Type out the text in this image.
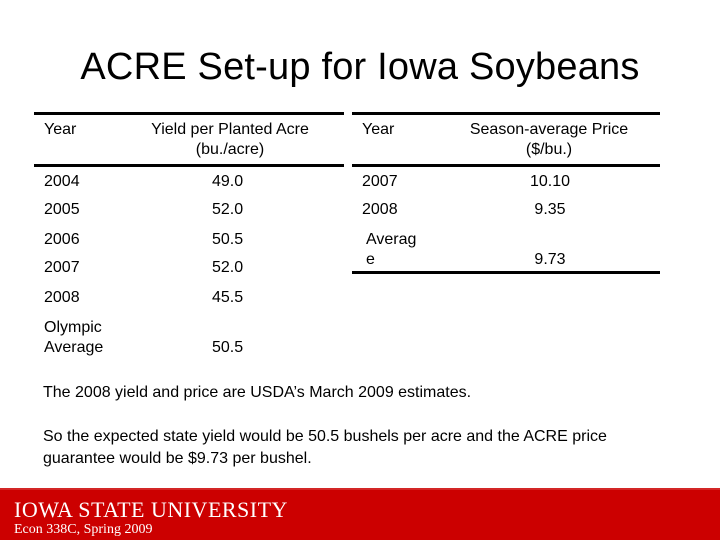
ACRE Set-up for Iowa Soybeans
Year	Yield per Planted Acre
(bu./acre)
2004	49.0
2005	52.0
2006	50.5
2007	52.0
2008	45.5
Olympic
Average	50.5
Year	Season-average Price
($/bu.)
2007	10.10
2008	9.35
Averag
e	9.73
The 2008 yield and price are USDA’s March 2009 estimates.
So the expected state yield would be 50.5 bushels per acre and the ACRE price guarantee would be $9.73 per bushel.
IOWA STATE UNIVERSITY
Econ 338C, Spring 2009
